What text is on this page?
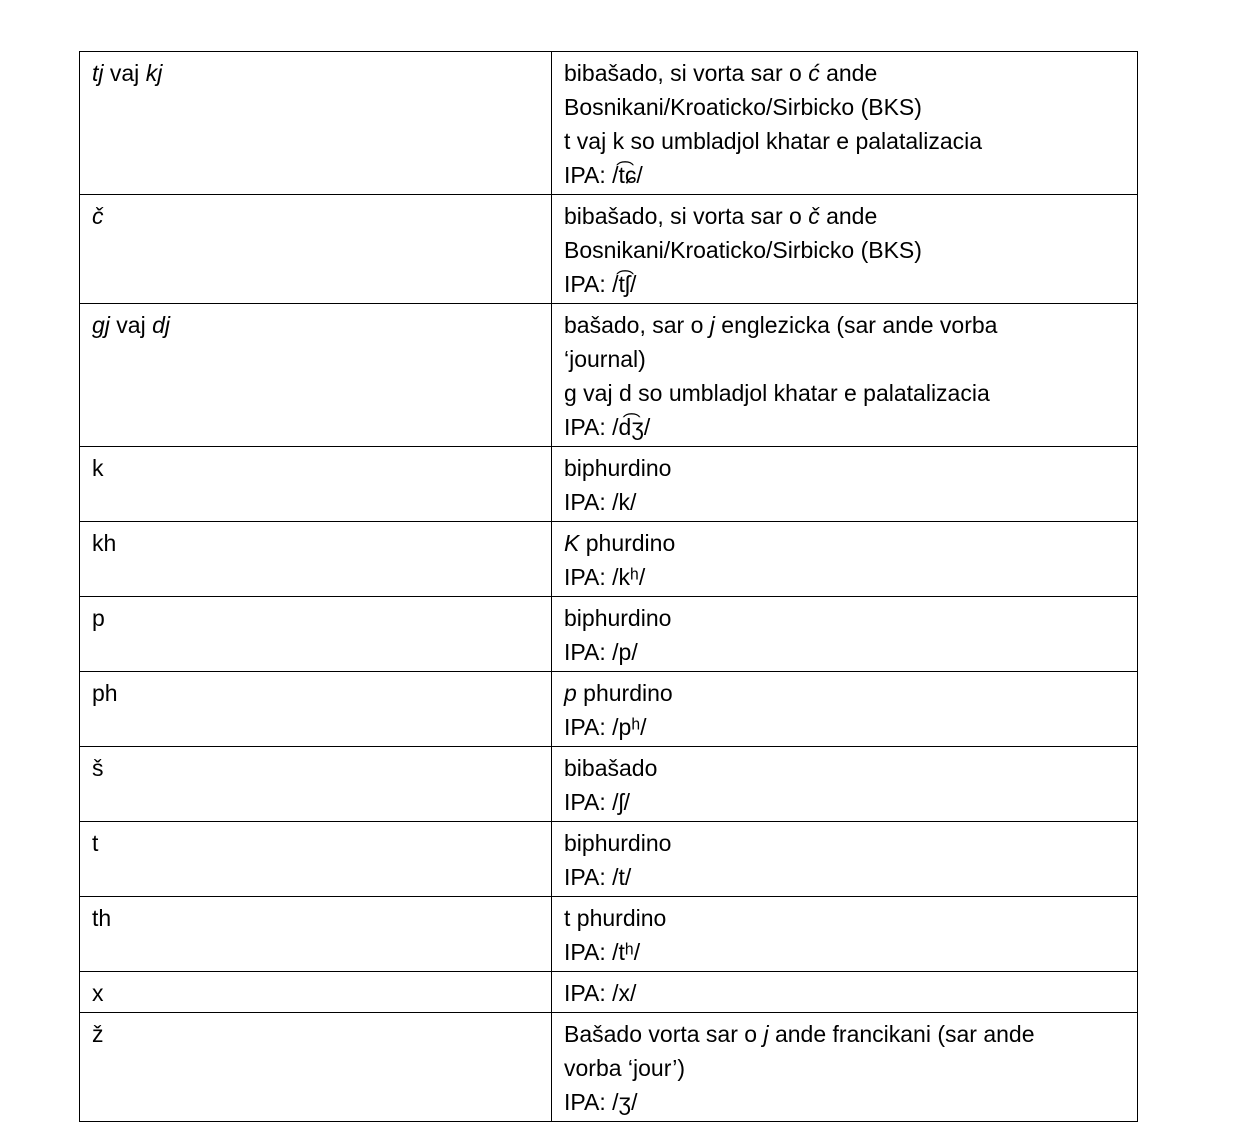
tj vaj kj	bibašado, si vorta sar o ć ande
Bosnikani/Kroaticko/Sirbicko (BKS)
t vaj k so umbladjol khatar e palatalizacia
IPA: /t͡ɕ/

č	bibašado, si vorta sar o č ande
Bosnikani/Kroaticko/Sirbicko (BKS)
IPA: /t͡ʃ/

gj vaj dj	bašado, sar o j englezicka (sar ande vorba
‘journal)
g vaj d so umbladjol khatar e palatalizacia
IPA: /d͡ʒ/

k	biphurdino
IPA: /k/

kh	K phurdino
IPA: /kʰ/

p	biphurdino
IPA: /p/

ph	p phurdino
IPA: /pʰ/

š	bibašado
IPA: /ʃ/

t	biphurdino
IPA: /t/

th	t phurdino
IPA: /tʰ/

x	IPA: /x/

ž	Bašado vorta sar o j ande francikani (sar ande
vorba ‘jour’)
IPA: /ʒ/
